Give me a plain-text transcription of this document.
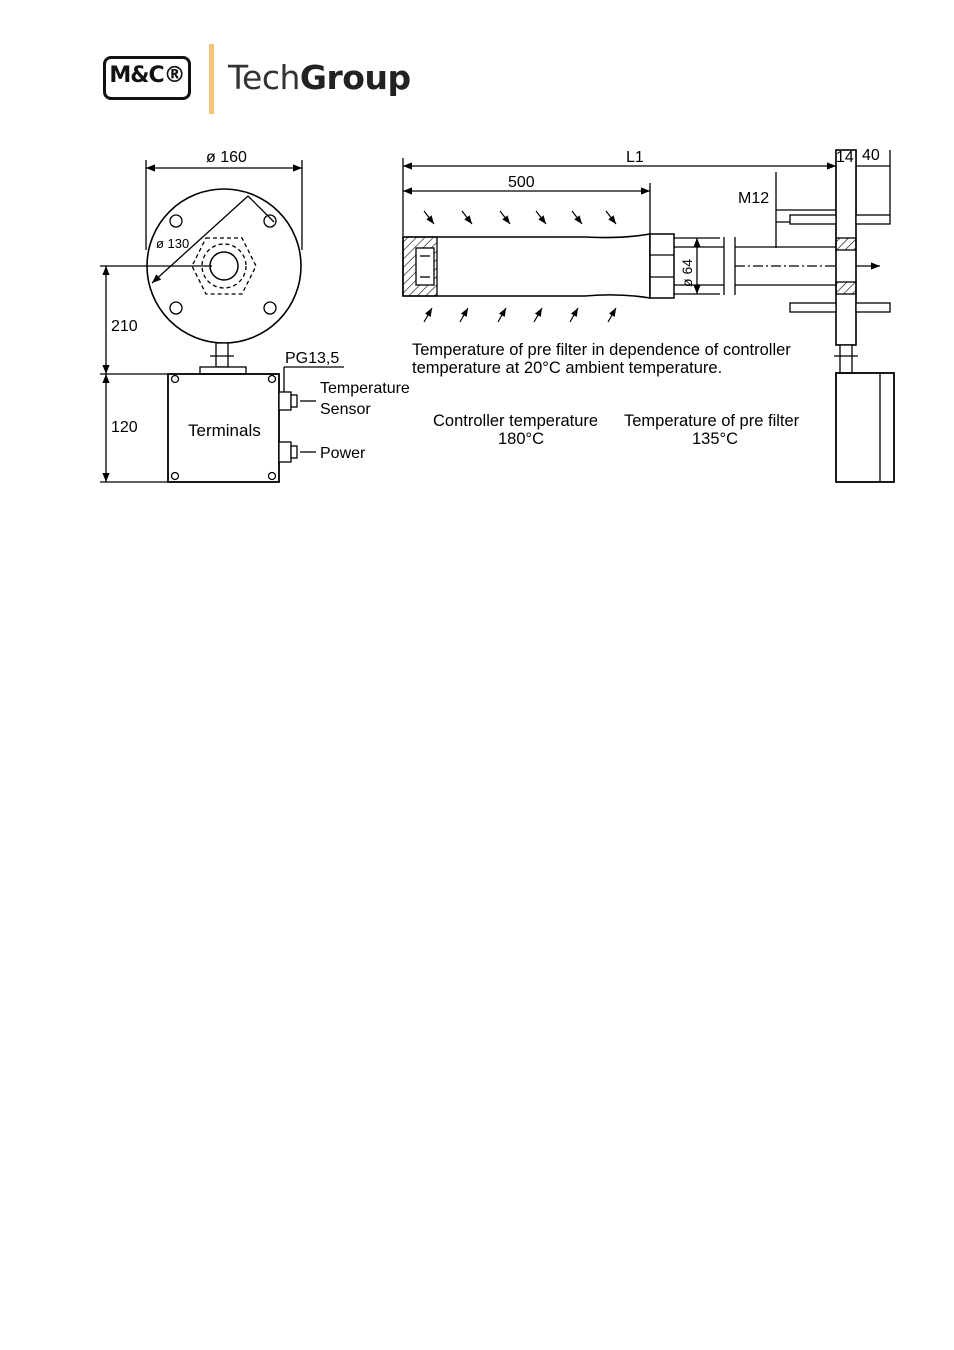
M&C® TechGroup
ø 160
ø 130
210
120	Terminals
PG13,5
Temperature
Sensor
Power
L1
500
14 40
M12
ø 64
Temperature of pre filter in dependence of controller
temperature at 20°C ambient temperature.
Controller temperature
180°C
Temperature of pre filter
135°C
